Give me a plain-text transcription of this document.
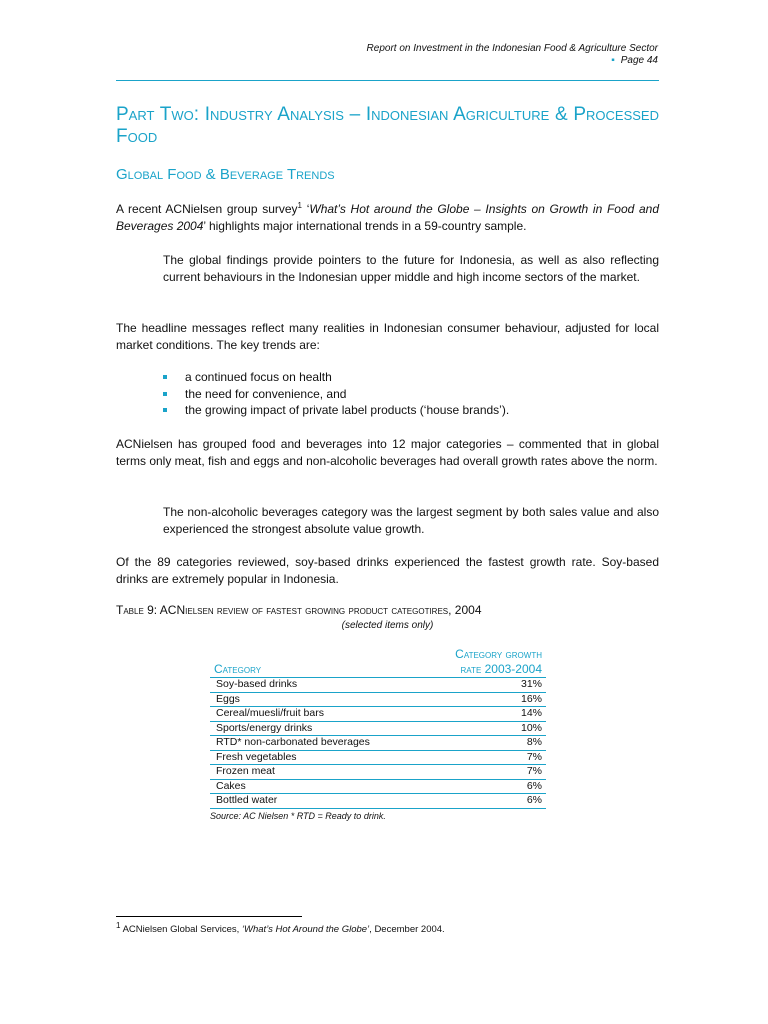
Report on Investment in the Indonesian Food & Agriculture Sector
▪ Page 44
Part Two: Industry Analysis – Indonesian Agriculture & Processed Food
Global Food & Beverage Trends

A recent ACNielsen group survey$^1$ ‘What’s Hot around the Globe – Insights on Growth in Food and Beverages 2004’ highlights major international trends in a 59-country sample.

The global findings provide pointers to the future for Indonesia, as well as also reflecting current behaviours in the Indonesian upper middle and high income sectors of the market.

The headline messages reflect many realities in Indonesian consumer behaviour, adjusted for local market conditions. The key trends are:

a continued focus on health
the need for convenience, and
the growing impact of private label products (‘house brands’).

ACNielsen has grouped food and beverages into 12 major categories – commented that in global terms only meat, fish and eggs and non-alcoholic beverages had overall growth rates above the norm.

The non-alcoholic beverages category was the largest segment by both sales value and also experienced the strongest absolute value growth.

Of the 89 categories reviewed, soy-based drinks experienced the fastest growth rate. Soy-based drinks are extremely popular in Indonesia.

Table 9: ACNielsen review of fastest growing product categotires, 2004
(selected items only)
Category	Category growth
rate 2003-2004
Soy-based drinks	31%
Eggs	16%
Cereal/muesli/fruit bars	14%
Sports/energy drinks	10%
RTD* non-carbonated beverages	8%
Fresh vegetables	7%
Frozen meat	7%
Cakes	6%
Bottled water	6%
Source: AC Nielsen * RTD = Ready to drink.
$^1$ ACNielsen Global Services, ‘What’s Hot Around the Globe’, December 2004.
